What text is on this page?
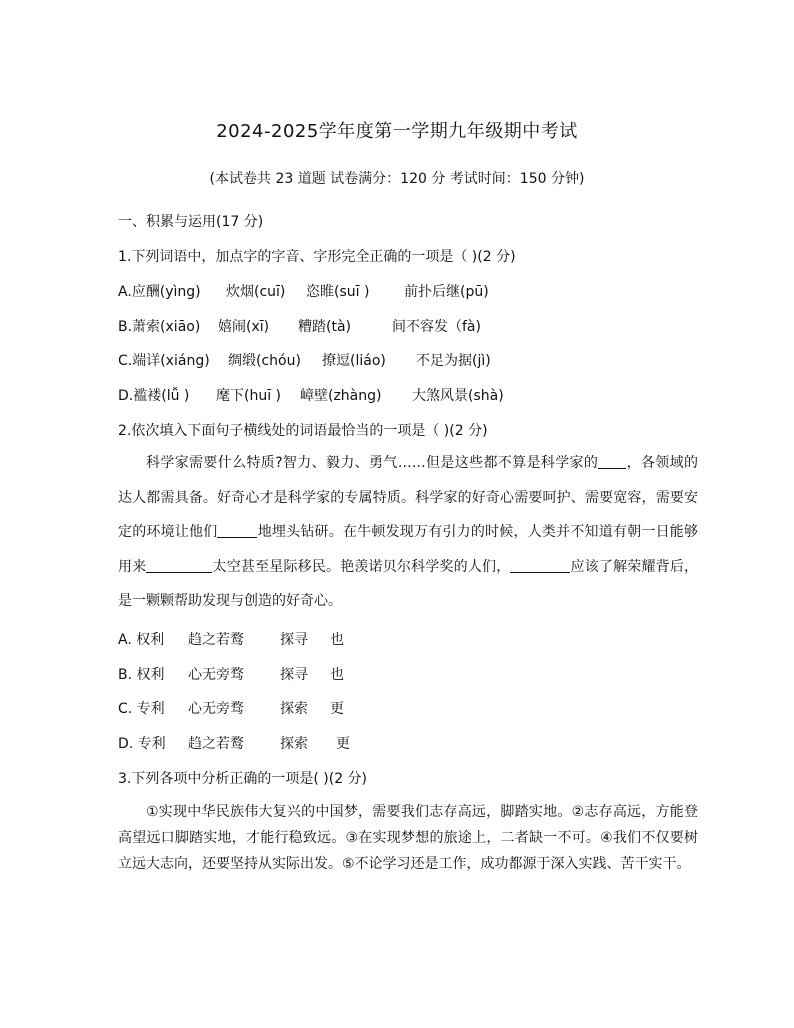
2024-2025学年度第一学期九年级期中考试
(本试卷共 23 道题 试卷满分：120 分 考试时间：150 分钟)
一、积累与运用(17 分)
1.下列词语中，加点字的字音、字形完全正确的一项是（ )(2 分)
A.应酬(yìng) 炊烟(cuī) 恣睢(suī ) 前扑后继(pū)
B.萧索(xiāo) 嬉闹(xī) 糟踏(tà)	间不容发（fà)
C.端详(xiáng) 绸缎(chóu) 撩逗(liáo) 不足为据(jì)
D.褴褛(lǚ ) 麾下(huī ) 嶂壁(zhàng) 大煞风景(shà)
2.依次填入下面句子横线处的词语最恰当的一项是（ )(2 分)
科学家需要什么特质?智力、毅力、勇气……但是这些都不算是科学家的 ，各领域的达人都需具备。好奇心才是科学家的专属特质。科学家的好奇心需要呵护、需要宽容，需要安定的环境让他们	地埋头钻研。在牛顿发现万有引力的时候，人类并不知道有朝一日能够用来	太空甚至星际移民。艳羡诺贝尔科学奖的人们，	应该了解荣耀背后，是一颗颗帮助发现与创造的好奇心。
A. 权利 趋之若鹜	探寻 也
B. 权利 心无旁骛	探寻 也
C. 专利 心无旁骛	探索 更
D. 专利 趋之若鹜	探索 更
3.下列各项中分析正确的一项是( )(2 分)
①实现中华民族伟大复兴的中国梦，需要我们志存高远，脚踏实地。②志存高远，方能登高望远口脚踏实地，才能行稳致远。③在实现梦想的旅途上，二者缺一不可。④我们不仅要树立远大志向，还要坚持从实际出发。⑤不论学习还是工作，成功都源于深入实践、苦干实干。
